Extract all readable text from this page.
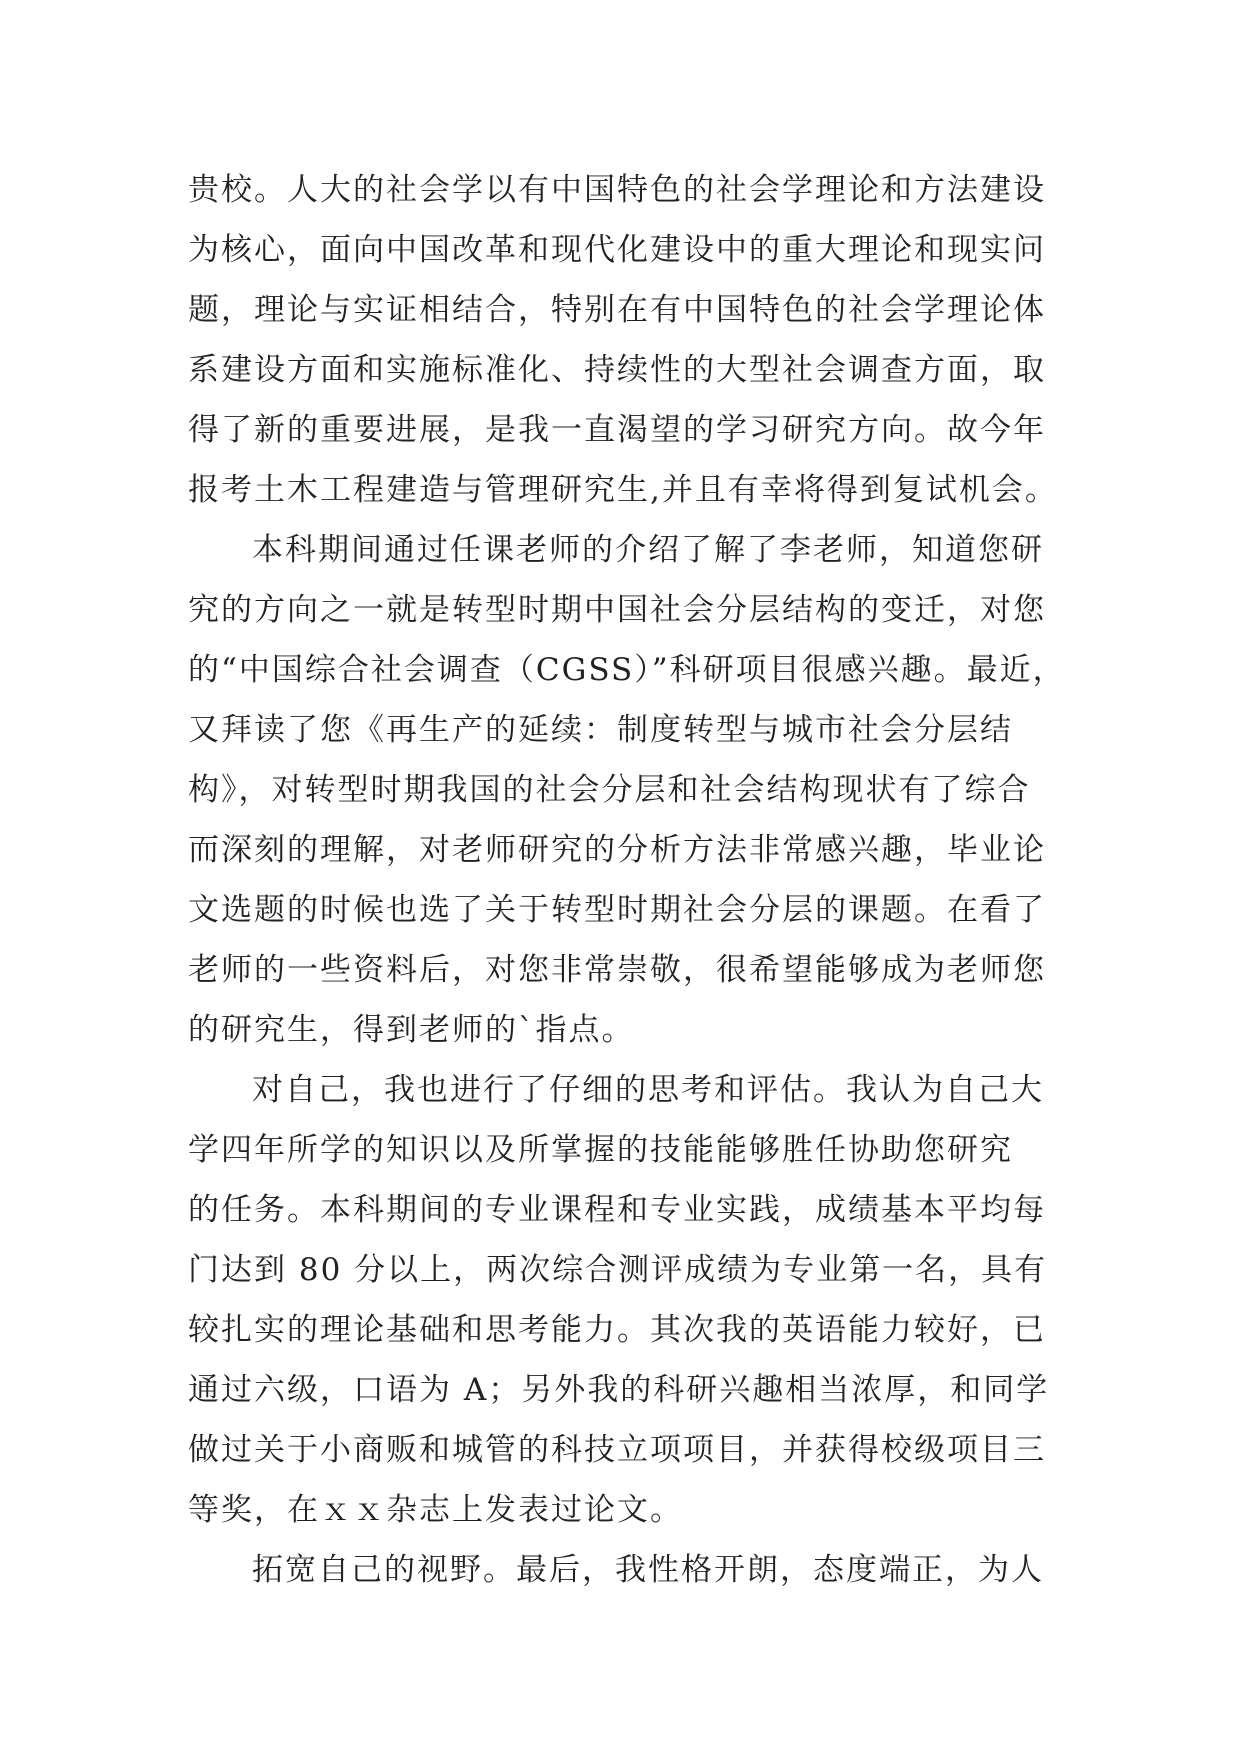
贵校。人大的社会学以有中国特色的社会学理论和方法建设
为核心，面向中国改革和现代化建设中的重大理论和现实问
题，理论与实证相结合，特别在有中国特色的社会学理论体
系建设方面和实施标准化、持续性的大型社会调查方面，取
得了新的重要进展，是我一直渴望的学习研究方向。故今年
报考土木工程建造与管理研究生,并且有幸将得到复试机会。
本科期间通过任课老师的介绍了解了李老师，知道您研
究的方向之一就是转型时期中国社会分层结构的变迁，对您
的“中国综合社会调查（CGSS）”科研项目很感兴趣。最近，
又拜读了您《再生产的延续：制度转型与城市社会分层结
构》，对转型时期我国的社会分层和社会结构现状有了综合
而深刻的理解，对老师研究的分析方法非常感兴趣，毕业论
文选题的时候也选了关于转型时期社会分层的课题。在看了
老师的一些资料后，对您非常崇敬，很希望能够成为老师您
的研究生，得到老师的`指点。
对自己，我也进行了仔细的思考和评估。我认为自己大
学四年所学的知识以及所掌握的技能能够胜任协助您研究
的任务。本科期间的专业课程和专业实践，成绩基本平均每
门达到 80 分以上，两次综合测评成绩为专业第一名，具有
较扎实的理论基础和思考能力。其次我的英语能力较好，已
通过六级，口语为 A；另外我的科研兴趣相当浓厚，和同学
做过关于小商贩和城管的科技立项项目，并获得校级项目三
等奖，在ｘｘ杂志上发表过论文。
拓宽自己的视野。最后，我性格开朗，态度端正，为人
